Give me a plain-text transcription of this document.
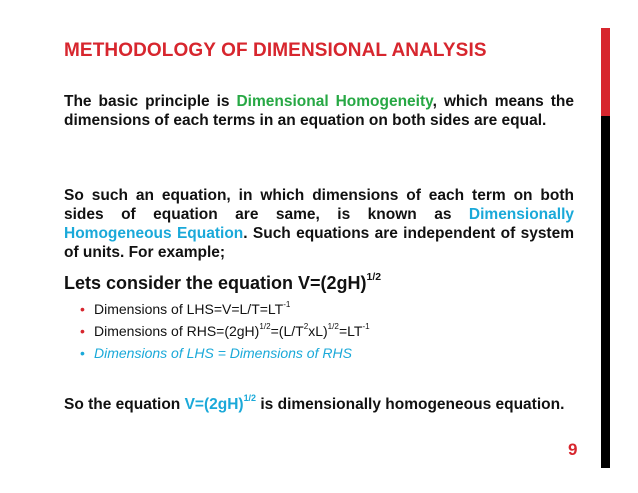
METHODOLOGY OF DIMENSIONAL ANALYSIS

The basic principle is Dimensional Homogeneity, which means the dimensions of each terms in an equation on both sides are equal.

So such an equation, in which dimensions of each term on both sides of equation are same, is known as Dimensionally Homogeneous Equation. Such equations are independent of system of units. For example;

Lets consider the equation $V=(2gH)^{1/2}$
• Dimensions of $LHS=V=L/T=LT^{-1}$
• Dimensions of $RHS=(2gH)^{1/2}=(L/T^2xL)^{1/2}=LT^{-1}$
• Dimensions of LHS = Dimensions of RHS

So the equation $V=(2gH)^{1/2}$ is dimensionally homogeneous equation.

9
